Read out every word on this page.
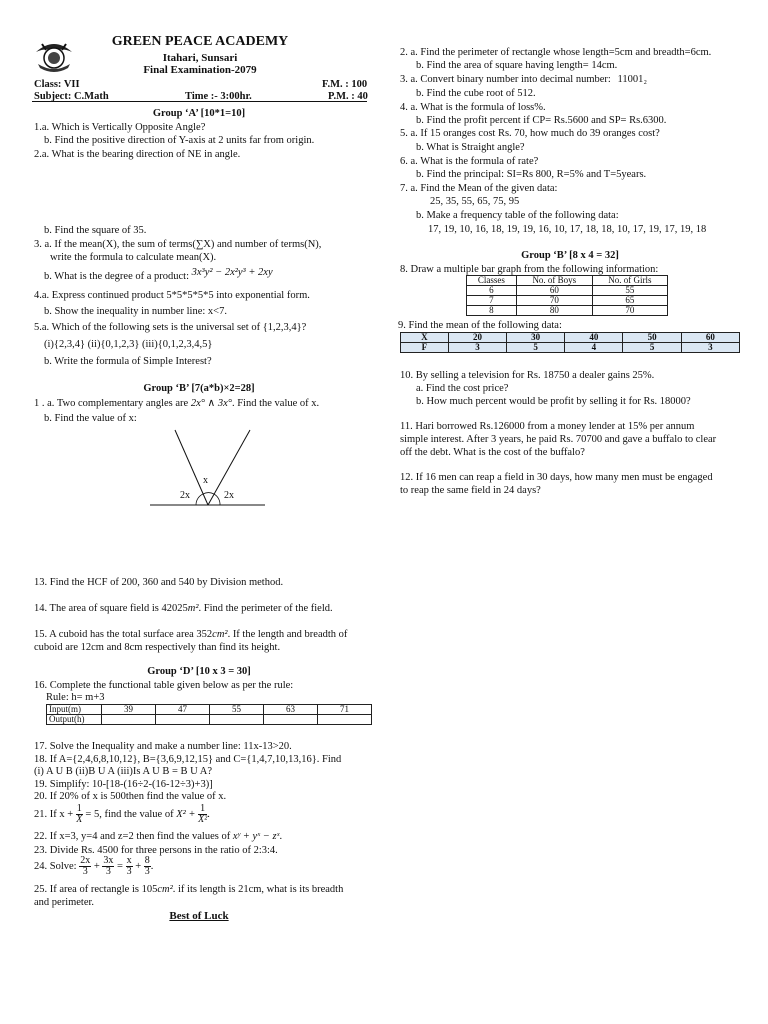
GREEN PEACE ACADEMY
Itahari, Sunsari
Final Examination-2079
Class: VII	F.M. : 100
Subject: C.Math	Time :- 3:00hr.	P.M. : 40
Group ‘A’ [10*1=10]
1.a. Which is Vertically Opposite Angle?
b. Find the positive direction of Y-axis at 2 units far from origin.
2.a. What is the bearing direction of NE in angle.
b. Find the square of 35.
3. a. If the mean(X), the sum of terms(∑X) and number of terms(N),
write the formula to calculate mean(X).
b. What is the degree of a product: 3x³y² − 2x²y³ + 2xy
4.a. Express continued product 5*5*5*5*5 into exponential form.
b. Show the inequality in number line: x<7.
5.a. Which of the following sets is the universal set of {1,2,3,4}?
(i){2,3,4} (ii){0,1,2,3} (iii){0,1,2,3,4,5}
b. Write the formula of Simple Interest?
Group ‘B’ [7(a*b)×2=28]
1 . a. Two complementary angles are 2x° ∧ 3x°. Find the value of x.
b. Find the value of x:
x
2x	2x
13. Find the HCF of 200, 360 and 540 by Division method.
14. The area of square field is 42025m². Find the perimeter of the field.
15. A cuboid has the total surface area 352cm². If the length and breadth of
cuboid are 12cm and 8cm respectively than find its height.
Group ‘D’ [10 x 3 = 30]
16. Complete the functional table given below as per the rule:
Rule: h= m+3
Input(m)	39	47	55	63	71
Output(h)					
17. Solve the Inequality and make a number line: 11x-13>20.
18. If A={2,4,6,8,10,12}, B={3,6,9,12,15} and C={1,4,7,10,13,16}. Find
(i) A U B (ii)B U A (iii)Is A U B = B U A?
19. Simplify: 10-[18-(16÷2-(16-12÷3)+3)]
20. If 20% of x is 500then find the value of x.
21. If $x + \frac{1}{X} = 5$, find the value of $X^2 + \frac{1}{\text{X²}}$ .
22. If x=3, y=4 and z=2 then find the values of xʸ + yˣ − zˣ.
23. Divide Rs. 4500 for three persons in the ratio of 2:3:4.
24. Solve: $\frac{2x}{3} + \frac{3x}{3} = \frac{x}{3} + \frac{8}{3}$ .
25. If area of rectangle is 105cm². if its length is 21cm, what is its breadth
and perimeter.
Best of Luck
2. a. Find the perimeter of rectangle whose length=5cm and breadth=6cm.
b. Find the area of square having length= 14cm.
3. a. Convert binary number into decimal number: 11001₂
b. Find the cube root of 512.
4. a. What is the formula of loss%.
b. Find the profit percent if CP= Rs.5600 and SP= Rs.6300.
5. a. If 15 oranges cost Rs. 70, how much do 39 oranges cost?
b. What is Straight angle?
6. a. What is the formula of rate?
b. Find the principal: SI=Rs 800, R=5% and T=5years.
7. a. Find the Mean of the given data:
25, 35, 55, 65, 75, 95
b. Make a frequency table of the following data:
17, 19, 10, 16, 18, 19, 19, 16, 10, 17, 18, 18, 10, 17, 19, 17, 19, 18
Group ‘B’ [8 x 4 = 32]
8. Draw a multiple bar graph from the following information:
Classes	No. of Boys	No. of Girls
6	60	55
7	70	65
8	80	70
9. Find the mean of the following data:
X	20	30	40	50	60
F	3	5	4	5	3
10. By selling a television for Rs. 18750 a dealer gains 25%.
a. Find the cost price?
b. How much percent would be profit by selling it for Rs. 18000?
11. Hari borrowed Rs.126000 from a money lender at 15% per annum
simple interest. After 3 years, he paid Rs. 70700 and gave a buffalo to clear
off the debt. What is the cost of the buffalo?
12. If 16 men can reap a field in 30 days, how many men must be engaged
to reap the same field in 24 days?
